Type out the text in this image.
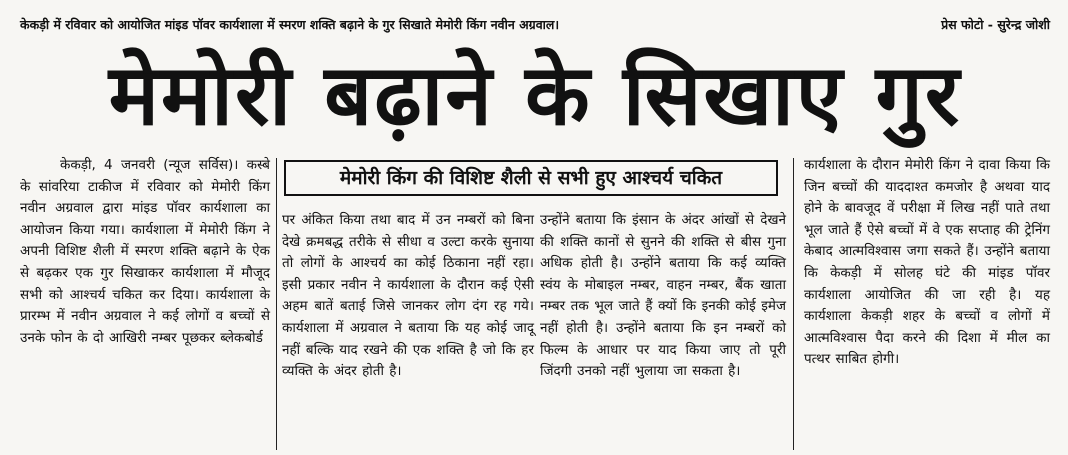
केकड़ी में रविवार को आयोजित मांइड पॉवर कार्यशाला में स्मरण शक्ति बढ़ाने के गुर सिखाते मेमोरी किंग नवीन अग्रवाल।	प्रेस फोटो - सुरेन्द्र जोशी
मेमोरी बढ़ाने के सिखाए गुर

केकड़ी, 4 जनवरी (न्यूज सर्विस)। कस्बे के सांवरिया टाकीज में रविवार को मेमोरी किंग नवीन अग्रवाल द्वारा मांइड पॉवर कार्यशाला का आयोजन किया गया। कार्यशाला में मेमोरी किंग ने अपनी विशिष्ट शैली में स्मरण शक्ति बढ़ाने के ऐक से बढ़कर एक गुर सिखाकर कार्यशाला में मौजूद सभी को आश्चर्य चकित कर दिया। कार्यशाला के प्रारम्भ में नवीन अग्रवाल ने कई लोगों व बच्चों से उनके फोन के दो आखिरी नम्बर पूछकर ब्लेकबोर्ड

मेमोरी किंग की विशिष्ट शैली से सभी हुए आश्चर्य चकित

पर अंकित किया तथा बाद में उन नम्बरों को बिना देखे क्रमबद्ध तरीके से सीधा व उल्टा करके सुनाया तो लोगों के आश्चर्य का कोई ठिकाना नहीं रहा। इसी प्रकार नवीन ने कार्यशाला के दौरान कई ऐसी अहम बातें बताई जिसे जानकर लोग दंग रह गये। कार्यशाला में अग्रवाल ने बताया कि यह कोई जादू नहीं बल्कि याद रखने की एक शक्ति है जो कि हर व्यक्ति के अंदर होती है।

उन्होंने बताया कि इंसान के अंदर आंखों से देखने की शक्ति कानों से सुनने की शक्ति से बीस गुना अधिक होती है। उन्होंने बताया कि कई व्यक्ति स्वंय के मोबाइल नम्बर, वाहन नम्बर, बैंक खाता नम्बर तक भूल जाते हैं क्यों कि इनकी कोई इमेज नहीं होती है। उन्होंने बताया कि इन नम्बरों को फिल्म के आधार पर याद किया जाए तो पूरी जिंदगी उनको नहीं भुलाया जा सकता है।

कार्यशाला के दौरान मेमोरी किंग ने दावा किया कि जिन बच्चों की याददाश्त कमजोर है अथवा याद होने के बावजूद वें परीक्षा में लिख नहीं पाते तथा भूल जाते हैं ऐसे बच्चों में वे एक सप्ताह की ट्रेनिंग केबाद आत्मविश्वास जगा सकते हैं। उन्होंने बताया कि केकड़ी में सोलह घंटे की मांइड पॉवर कार्यशाला आयोजित की जा रही है। यह कार्यशाला केकड़ी शहर के बच्चों व लोगों में आत्मविश्वास पैदा करने की दिशा में मील का पत्थर साबित होगी।
